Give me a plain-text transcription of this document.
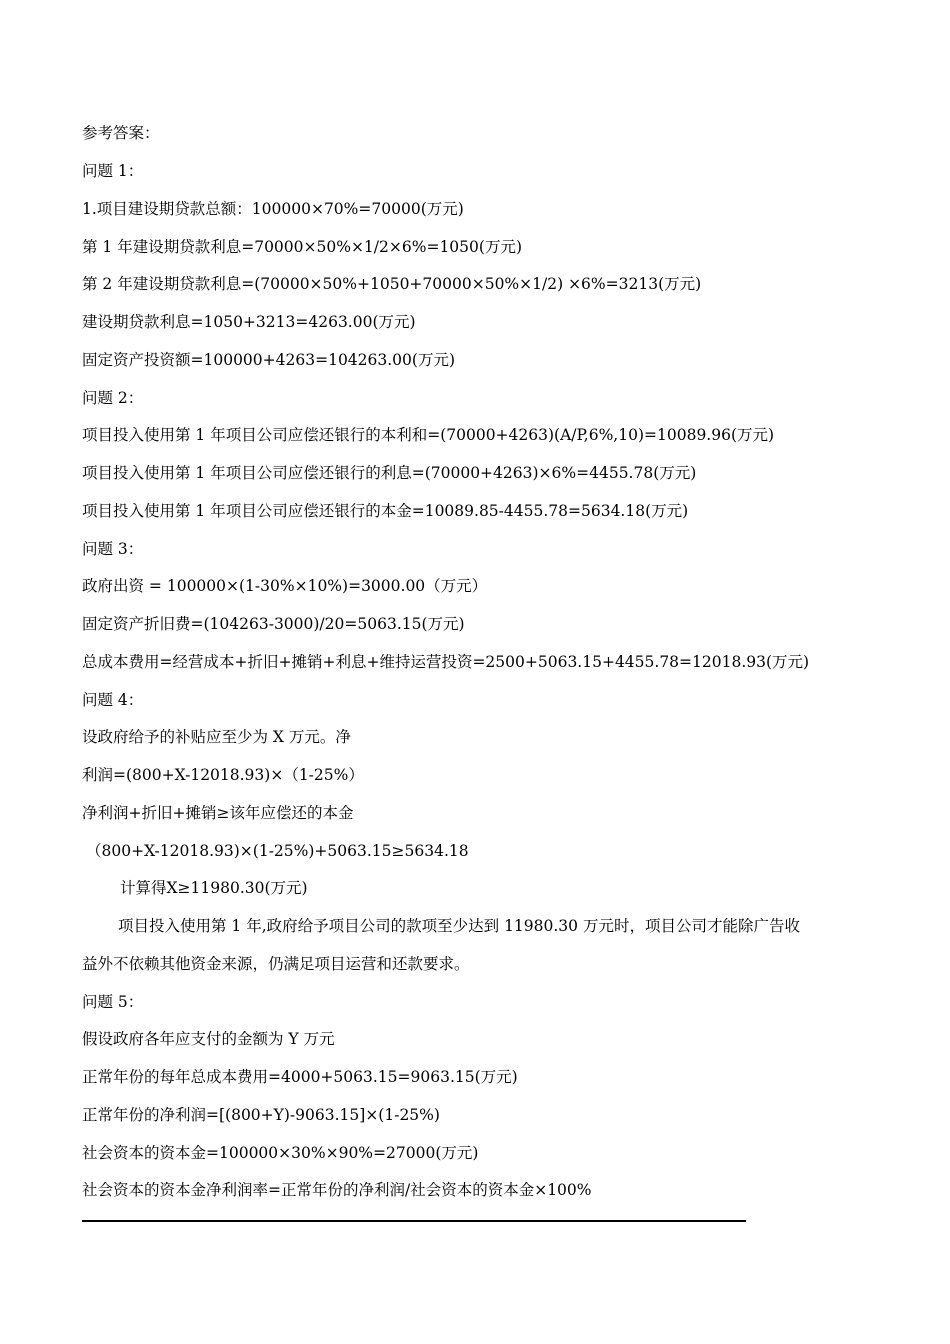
参考答案：
问题 1：
1.项目建设期贷款总额：100000×70%=70000(万元)
第 1 年建设期贷款利息=70000×50%×1/2×6%=1050(万元)
第 2 年建设期贷款利息=(70000×50%+1050+70000×50%×1/2) ×6%=3213(万元)
建设期贷款利息=1050+3213=4263.00(万元)
固定资产投资额=100000+4263=104263.00(万元)
问题 2：
项目投入使用第 1 年项目公司应偿还银行的本利和=(70000+4263)(A/P,6%,10)=10089.96(万元)
项目投入使用第 1 年项目公司应偿还银行的利息=(70000+4263)×6%=4455.78(万元)
项目投入使用第 1 年项目公司应偿还银行的本金=10089.85-4455.78=5634.18(万元)
问题 3：
政府出资 = 100000×(1-30%×10%)=3000.00（万元）
固定资产折旧费=(104263-3000)/20=5063.15(万元)
总成本费用=经营成本+折旧+摊销+利息+维持运营投资=2500+5063.15+4455.78=12018.93(万元)
问题 4：
设政府给予的补贴应至少为 X 万元。净
利润=(800+X-12018.93)×（1-25%）
净利润+折旧+摊销≥该年应偿还的本金
（800+X-12018.93)×(1-25%)+5063.15≥5634.18
计算得X≥11980.30(万元)
项目投入使用第 1 年,政府给予项目公司的款项至少达到 11980.30 万元时，项目公司才能除广告收
益外不依赖其他资金来源，仍满足项目运营和还款要求。
问题 5：
假设政府各年应支付的金额为 Y 万元
正常年份的每年总成本费用=4000+5063.15=9063.15(万元)
正常年份的净利润=[(800+Y)-9063.15]×(1-25%)
社会资本的资本金=100000×30%×90%=27000(万元)
社会资本的资本金净利润率=正常年份的净利润/社会资本的资本金×100%
